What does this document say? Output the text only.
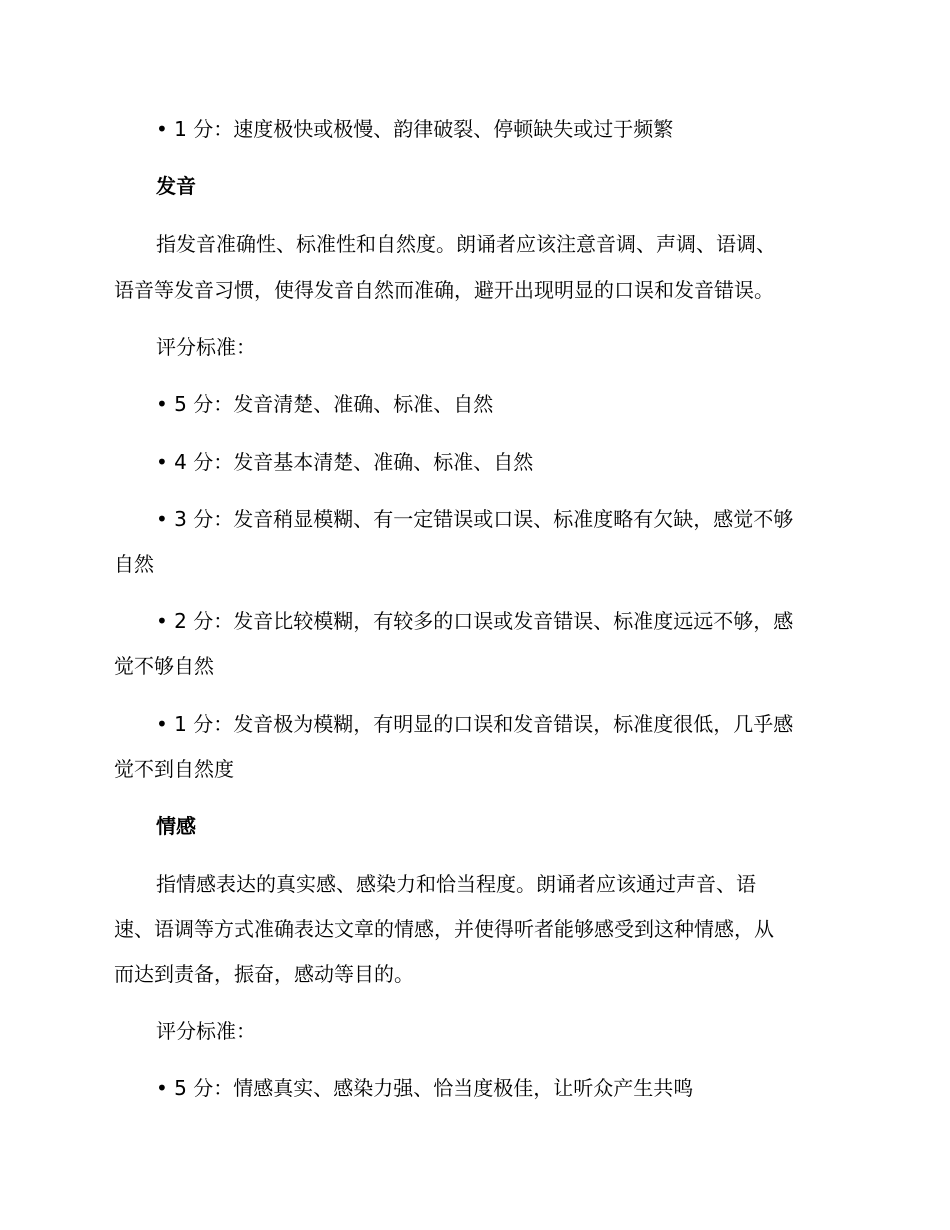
• 1 分：速度极快或极慢、韵律破裂、停顿缺失或过于频繁
发音
指发音准确性、标准性和自然度。朗诵者应该注意音调、声调、语调、
语音等发音习惯，使得发音自然而准确，避开出现明显的口误和发音错误。
评分标准：
• 5 分：发音清楚、准确、标准、自然
• 4 分：发音基本清楚、准确、标准、自然
• 3 分：发音稍显模糊、有一定错误或口误、标准度略有欠缺，感觉不够
自然
• 2 分：发音比较模糊，有较多的口误或发音错误、标准度远远不够，感
觉不够自然
• 1 分：发音极为模糊，有明显的口误和发音错误，标准度很低，几乎感
觉不到自然度
情感
指情感表达的真实感、感染力和恰当程度。朗诵者应该通过声音、语
速、语调等方式准确表达文章的情感，并使得听者能够感受到这种情感，从
而达到责备，振奋，感动等目的。
评分标准：
• 5 分：情感真实、感染力强、恰当度极佳，让听众产生共鸣
